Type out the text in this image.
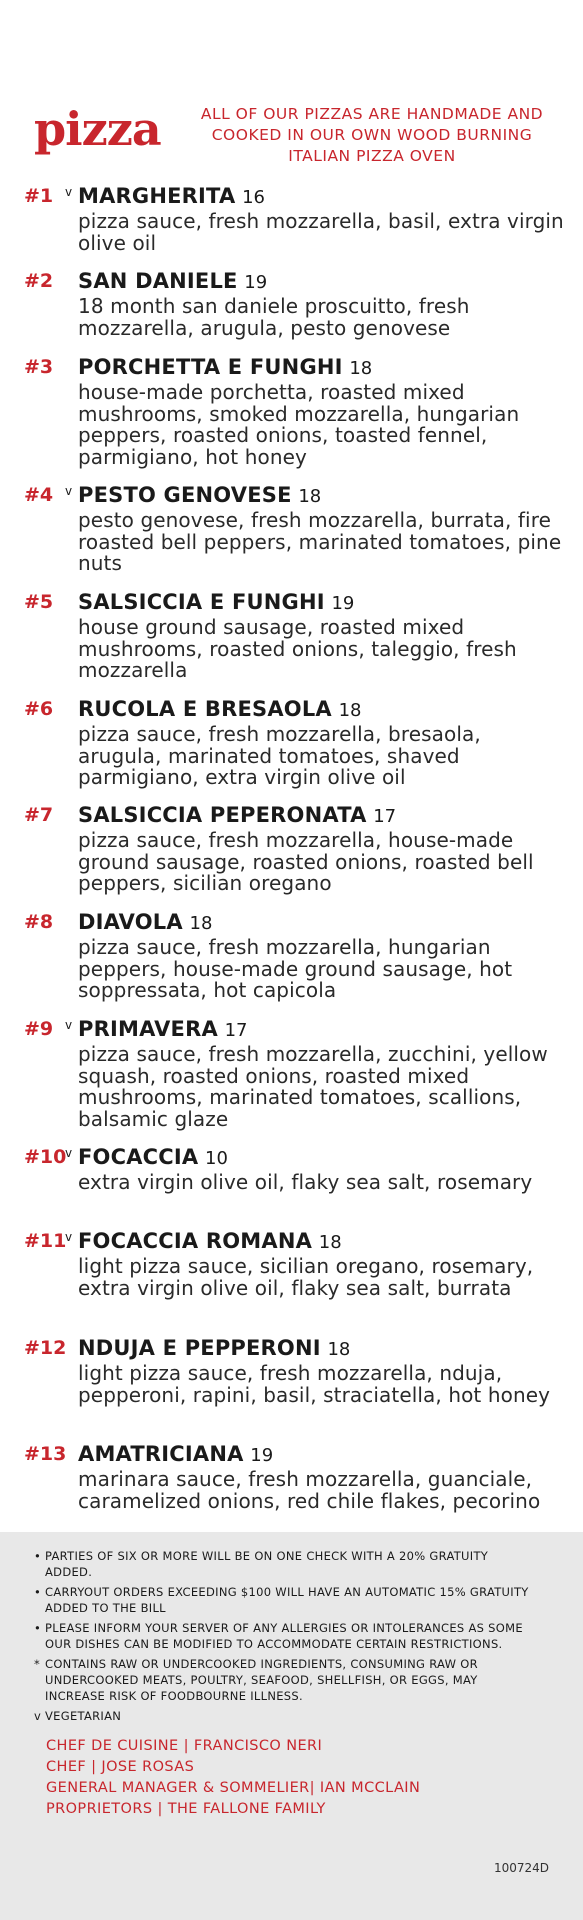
pizza	ALL OF OUR PIZZAS ARE HANDMADE AND COOKED IN OUR OWN WOOD BURNING ITALIAN PIZZA OVEN
#1 v MARGHERITA 16
pizza sauce, fresh mozzarella, basil, extra virgin olive oil
#2 SAN DANIELE 19
18 month san daniele proscuitto, fresh mozzarella, arugula, pesto genovese
#3 PORCHETTA E FUNGHI 18
house-made porchetta, roasted mixed mushrooms, smoked mozzarella, hungarian peppers, roasted onions, toasted fennel, parmigiano, hot honey
#4 v PESTO GENOVESE 18
pesto genovese, fresh mozzarella, burrata, fire roasted bell peppers, marinated tomatoes, pine nuts
#5 SALSICCIA E FUNGHI 19
house ground sausage, roasted mixed mushrooms, roasted onions, taleggio, fresh mozzarella
#6 RUCOLA E BRESAOLA 18
pizza sauce, fresh mozzarella, bresaola, arugula, marinated tomatoes, shaved parmigiano, extra virgin olive oil
#7 SALSICCIA PEPERONATA 17
pizza sauce, fresh mozzarella, house-made ground sausage, roasted onions, roasted bell peppers, sicilian oregano
#8 DIAVOLA 18
pizza sauce, fresh mozzarella, hungarian peppers, house-made ground sausage, hot soppressata, hot capicola
#9 v PRIMAVERA 17
pizza sauce, fresh mozzarella, zucchini, yellow squash, roasted onions, roasted mixed mushrooms, marinated tomatoes, scallions, balsamic glaze
#10
v FOCACCIA 10
extra virgin olive oil, flaky sea salt, rosemary
#11
v FOCACCIA ROMANA 18
light pizza sauce, sicilian oregano, rosemary, extra virgin olive oil, flaky sea salt, burrata
#12 NDUJA E PEPPERONI 18
light pizza sauce, fresh mozzarella, nduja, pepperoni, rapini, basil, straciatella, hot honey
#13 AMATRICIANA 19
marinara sauce, fresh mozzarella, guanciale, caramelized onions, red chile flakes, pecorino
• PARTIES OF SIX OR MORE WILL BE ON ONE CHECK WITH A 20% GRATUITY ADDED.
• CARRYOUT ORDERS EXCEEDING $100 WILL HAVE AN AUTOMATIC 15% GRATUITY ADDED TO THE BILL
• PLEASE INFORM YOUR SERVER OF ANY ALLERGIES OR INTOLERANCES AS SOME OUR DISHES CAN BE MODIFIED TO ACCOMMODATE CERTAIN RESTRICTIONS.
* CONTAINS RAW OR UNDERCOOKED INGREDIENTS, CONSUMING RAW OR UNDERCOOKED MEATS, POULTRY, SEAFOOD, SHELLFISH, OR EGGS, MAY INCREASE RISK OF FOODBOURNE ILLNESS.
v VEGETARIAN
CHEF DE CUISINE | FRANCISCO NERI
CHEF | JOSE ROSAS
GENERAL MANAGER & SOMMELIER| IAN MCCLAIN
PROPRIETORS | THE FALLONE FAMILY
100724D
